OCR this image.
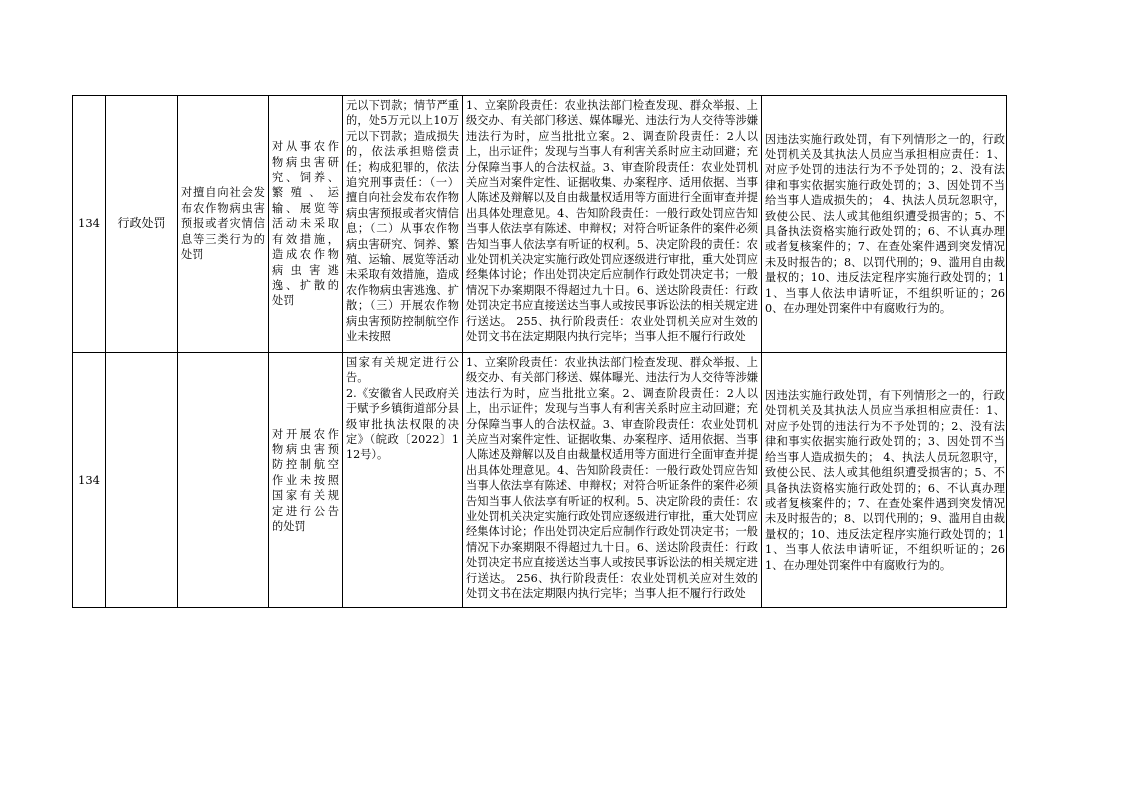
134 行政处罚
对擅自向社会发布农作物病虫害预报或者灾情信息等三类行为的处罚
对从事农作物病虫害研究、饲养、繁殖、运输、展览等活动未采取有效措施，造成农作物病虫害逃逸、扩散的处罚
元以下罚款；情节严重的，处5万元以上10万元以下罚款；造成损失的，依法承担赔偿责任；构成犯罪的，依法追究刑事责任：（一）擅自向社会发布农作物病虫害预报或者灾情信息；（二）从事农作物病虫害研究、饲养、繁殖、运输、展览等活动未采取有效措施，造成农作物病虫害逃逸、扩散；（三）开展农作物病虫害预防控制航空作业未按照
1、立案阶段责任：农业执法部门检查发现、群众举报、上级交办、有关部门移送、媒体曝光、违法行为人交待等涉嫌违法行为时，应当批批立案。2、调查阶段责任：2人以上，出示证件；发现与当事人有利害关系时应主动回避；充分保障当事人的合法权益。3、审查阶段责任：农业处罚机关应当对案件定性、证据收集、办案程序、适用依据、当事人陈述及辩解以及自由裁量权适用等方面进行全面审查并提出具体处理意见。4、告知阶段责任：一般行政处罚应告知当事人依法享有陈述、申辩权；对符合听证条件的案件必须告知当事人依法享有听证的权利。5、决定阶段的责任：农业处罚机关决定实施行政处罚应逐级进行审批，重大处罚应经集体讨论；作出处罚决定后应制作行政处罚决定书；一般情况下办案期限不得超过九十日。6、送达阶段责任：行政处罚决定书应直接送达当事人或按民事诉讼法的相关规定进行送达。 255、执行阶段责任：农业处罚机关应对生效的处罚文书在法定期限内执行完毕；当事人拒不履行行政处
因违法实施行政处罚，有下列情形之一的，行政处罚机关及其执法人员应当承担相应责任：1、对应予处罚的违法行为不予处罚的；2、没有法律和事实依据实施行政处罚的；3、因处罚不当给当事人造成损失的； 4、执法人员玩忽职守，致使公民、法人或其他组织遭受损害的；5、不具备执法资格实施行政处罚的；6、不认真办理或者复核案件的；7、在查处案件遇到突发情况未及时报告的；8、以罚代刑的；9、滥用自由裁量权的；10、违反法定程序实施行政处罚的；11、当事人依法申请听证，不组织听证的；260、在办理处罚案件中有腐败行为的。
134
对开展农作物病虫害预防控制航空作业未按照国家有关规定进行公告的处罚
国家有关规定进行公告。
2.《安徽省人民政府关于赋予乡镇街道部分县级审批执法权限的决定》（皖政〔2022〕112号）。
1、立案阶段责任：农业执法部门检查发现、群众举报、上级交办、有关部门移送、媒体曝光、违法行为人交待等涉嫌违法行为时，应当批批立案。2、调查阶段责任：2人以上，出示证件；发现与当事人有利害关系时应主动回避；充分保障当事人的合法权益。3、审查阶段责任：农业处罚机关应当对案件定性、证据收集、办案程序、适用依据、当事人陈述及辩解以及自由裁量权适用等方面进行全面审查并提出具体处理意见。4、告知阶段责任：一般行政处罚应告知当事人依法享有陈述、申辩权；对符合听证条件的案件必须告知当事人依法享有听证的权利。5、决定阶段的责任：农业处罚机关决定实施行政处罚应逐级进行审批，重大处罚应经集体讨论；作出处罚决定后应制作行政处罚决定书；一般情况下办案期限不得超过九十日。6、送达阶段责任：行政处罚决定书应直接送达当事人或按民事诉讼法的相关规定进行送达。 256、执行阶段责任：农业处罚机关应对生效的处罚文书在法定期限内执行完毕；当事人拒不履行行政处
因违法实施行政处罚，有下列情形之一的，行政处罚机关及其执法人员应当承担相应责任：1、对应予处罚的违法行为不予处罚的；2、没有法律和事实依据实施行政处罚的；3、因处罚不当给当事人造成损失的； 4、执法人员玩忽职守，致使公民、法人或其他组织遭受损害的；5、不具备执法资格实施行政处罚的；6、不认真办理或者复核案件的；7、在查处案件遇到突发情况未及时报告的；8、以罚代刑的；9、滥用自由裁量权的；10、违反法定程序实施行政处罚的；11、当事人依法申请听证，不组织听证的；261、在办理处罚案件中有腐败行为的。
